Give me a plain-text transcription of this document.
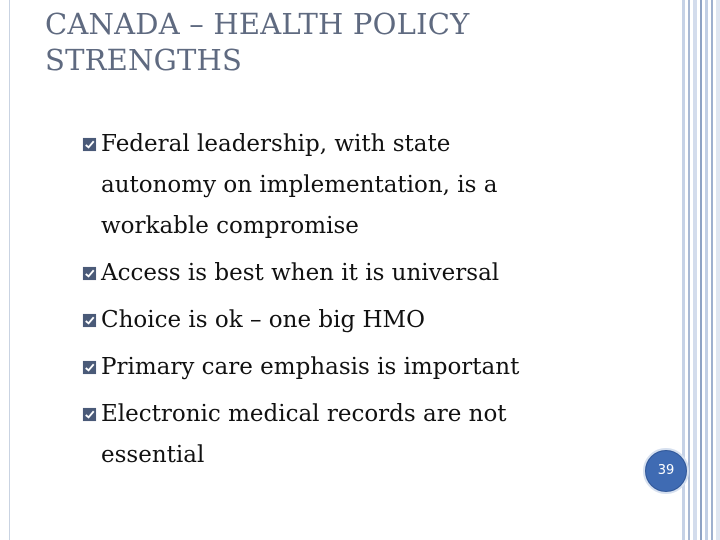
CANADA – HEALTH POLICY
STRENGTHS
Federal leadership, with state
autonomy on implementation, is a
workable compromise
Access is best when it is universal
Choice is ok – one big HMO
Primary care emphasis is important
Electronic medical records are not
essential
39
